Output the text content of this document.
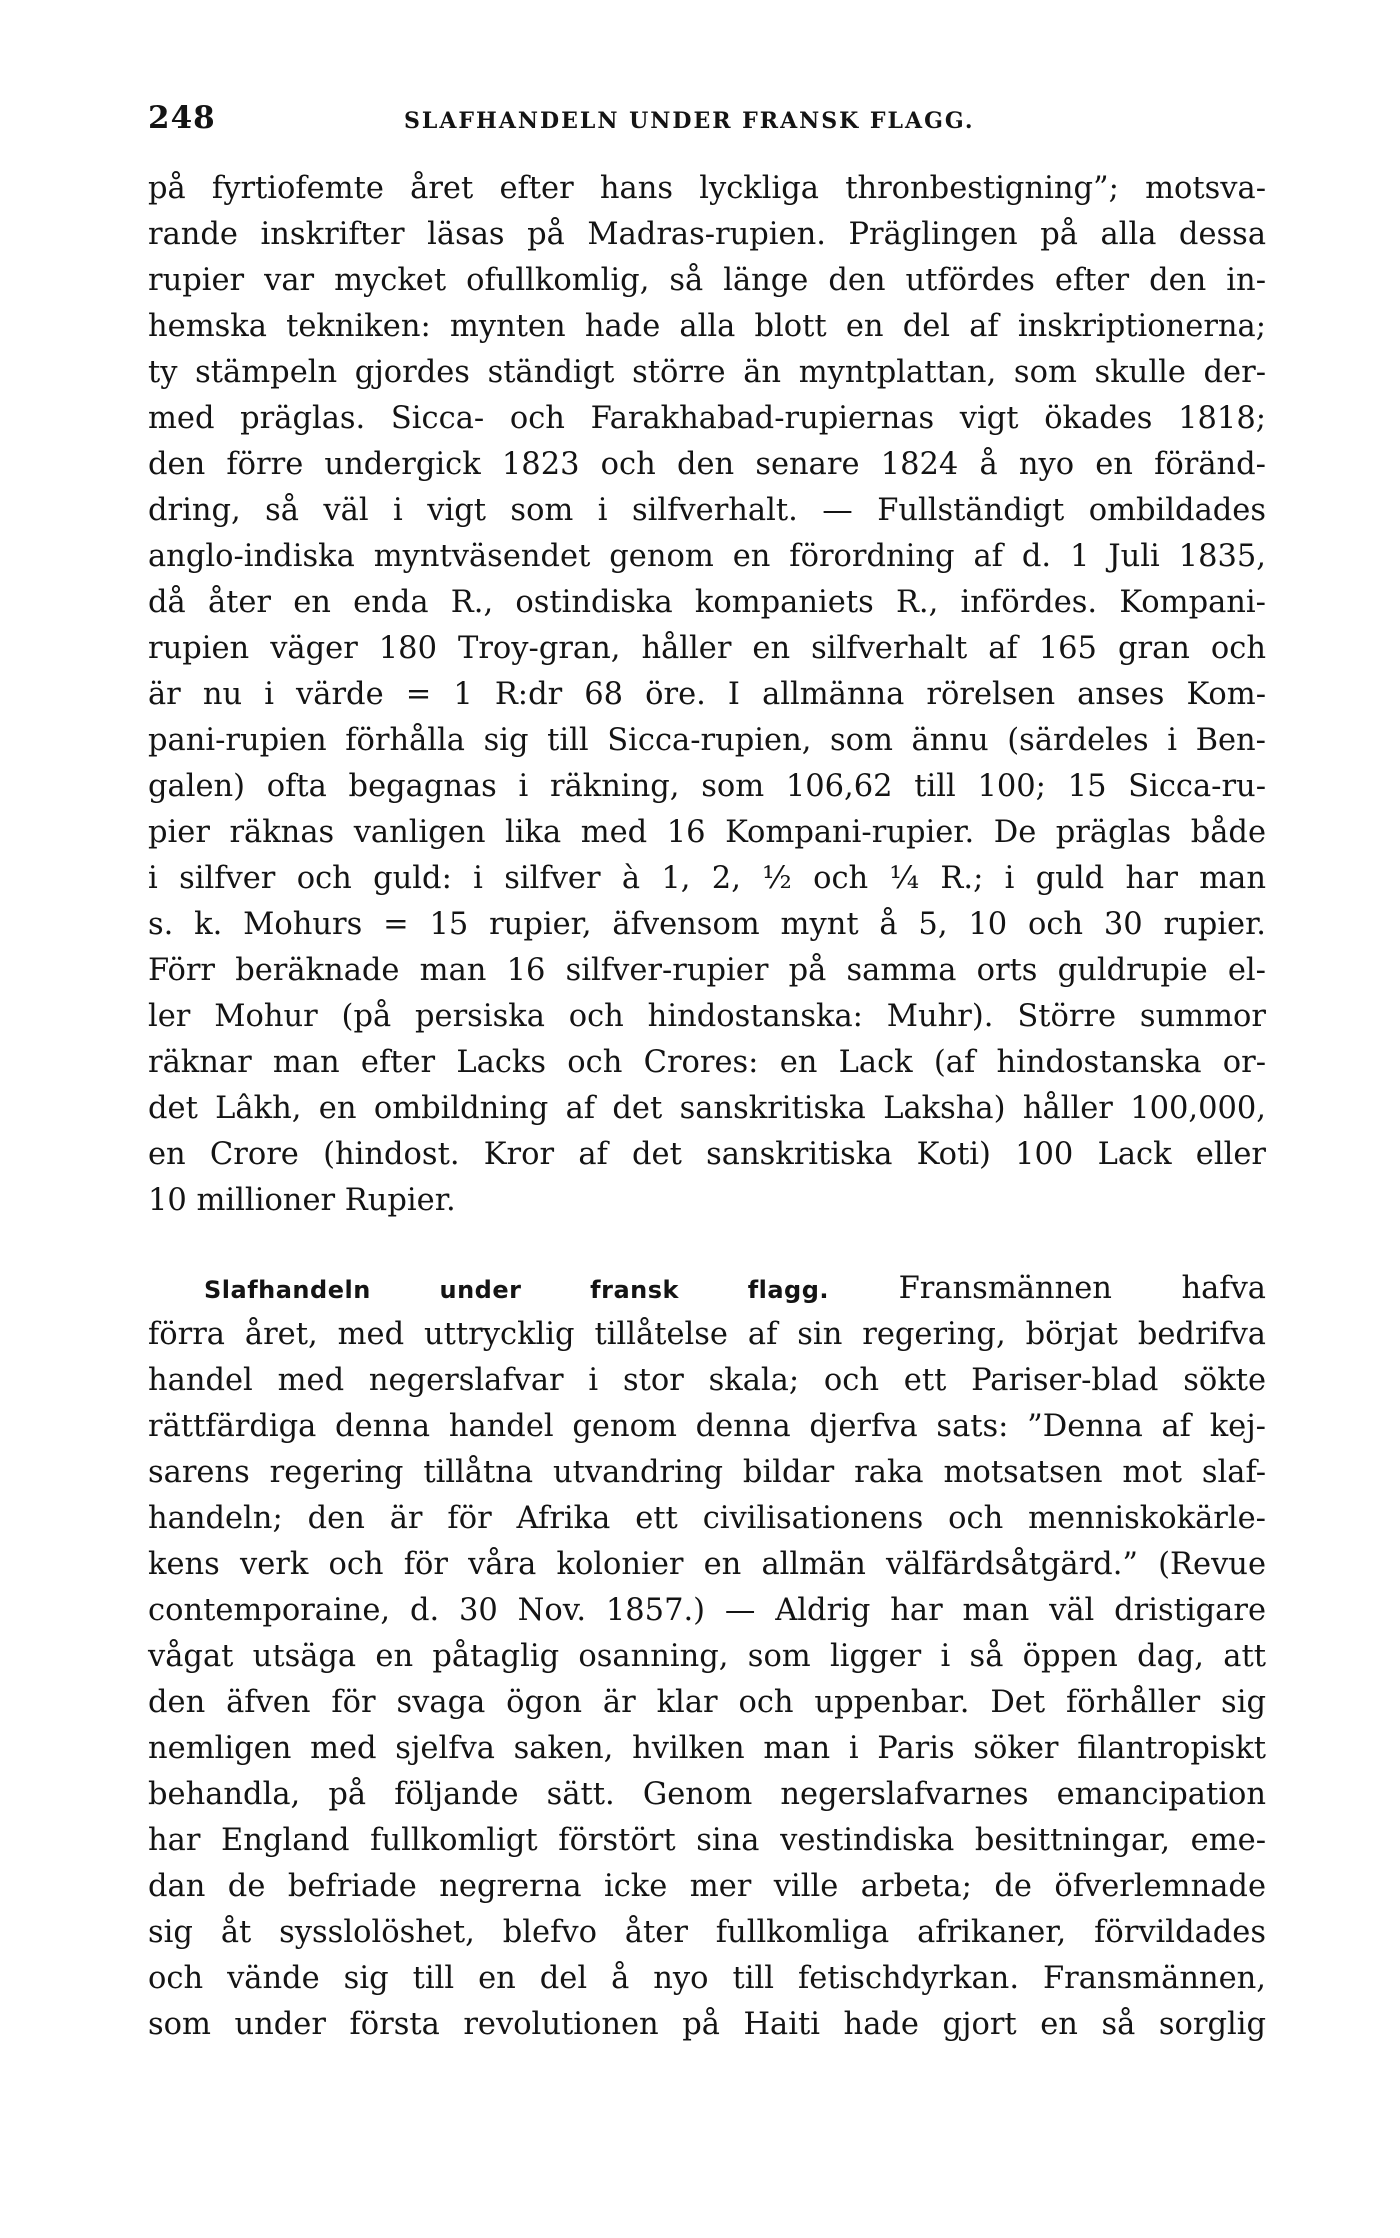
248	SLAFHANDELN UNDER FRANSK FLAGG.
på fyrtiofemte året efter hans lyckliga thronbestigning”; motsva-
rande inskrifter läsas på Madras-rupien. Präglingen på alla dessa
rupier var mycket ofullkomlig, så länge den utfördes efter den in-
hemska tekniken: mynten hade alla blott en del af inskriptionerna;
ty stämpeln gjordes ständigt större än myntplattan, som skulle der-
med präglas. Sicca- och Farakhabad-rupiernas vigt ökades 1818;
den förre undergick 1823 och den senare 1824 å nyo en föränd-
dring, så väl i vigt som i silfverhalt. — Fullständigt ombildades
anglo-indiska myntväsendet genom en förordning af d. 1 Juli 1835,
då åter en enda R., ostindiska kompaniets R., infördes. Kompani-
rupien väger 180 Troy-gran, håller en silfverhalt af 165 gran och
är nu i värde = 1 R:dr 68 öre. I allmänna rörelsen anses Kom-
pani-rupien förhålla sig till Sicca-rupien, som ännu (särdeles i Ben-
galen) ofta begagnas i räkning, som 106,62 till 100; 15 Sicca-ru-
pier räknas vanligen lika med 16 Kompani-rupier. De präglas både
i silfver och guld: i silfver à 1, 2, ½ och ¼ R.; i guld har man
s. k. Mohurs = 15 rupier, äfvensom mynt å 5, 10 och 30 rupier.
Förr beräknade man 16 silfver-rupier på samma orts guldrupie el-
ler Mohur (på persiska och hindostanska: Muhr). Större summor
räknar man efter Lacks och Crores: en Lack (af hindostanska or-
det Lâkh, en ombildning af det sanskritiska Laksha) håller 100,000,
en Crore (hindost. Kror af det sanskritiska Koti) 100 Lack eller
10 millioner Rupier.
Slafhandeln under fransk flagg. Fransmännen hafva
förra året, med uttrycklig tillåtelse af sin regering, börjat bedrifva
handel med negerslafvar i stor skala; och ett Pariser-blad sökte
rättfärdiga denna handel genom denna djerfva sats: ”Denna af kej-
sarens regering tillåtna utvandring bildar raka motsatsen mot slaf-
handeln; den är för Afrika ett civilisationens och menniskokärle-
kens verk och för våra kolonier en allmän välfärdsåtgärd.” (Revue
contemporaine, d. 30 Nov. 1857.) — Aldrig har man väl dristigare
vågat utsäga en påtaglig osanning, som ligger i så öppen dag, att
den äfven för svaga ögon är klar och uppenbar. Det förhåller sig
nemligen med sjelfva saken, hvilken man i Paris söker filantropiskt
behandla, på följande sätt. Genom negerslafvarnes emancipation
har England fullkomligt förstört sina vestindiska besittningar, eme-
dan de befriade negrerna icke mer ville arbeta; de öfverlemnade
sig åt sysslolöshet, blefvo åter fullkomliga afrikaner, förvildades
och vände sig till en del å nyo till fetischdyrkan. Fransmännen,
som under första revolutionen på Haiti hade gjort en så sorglig
